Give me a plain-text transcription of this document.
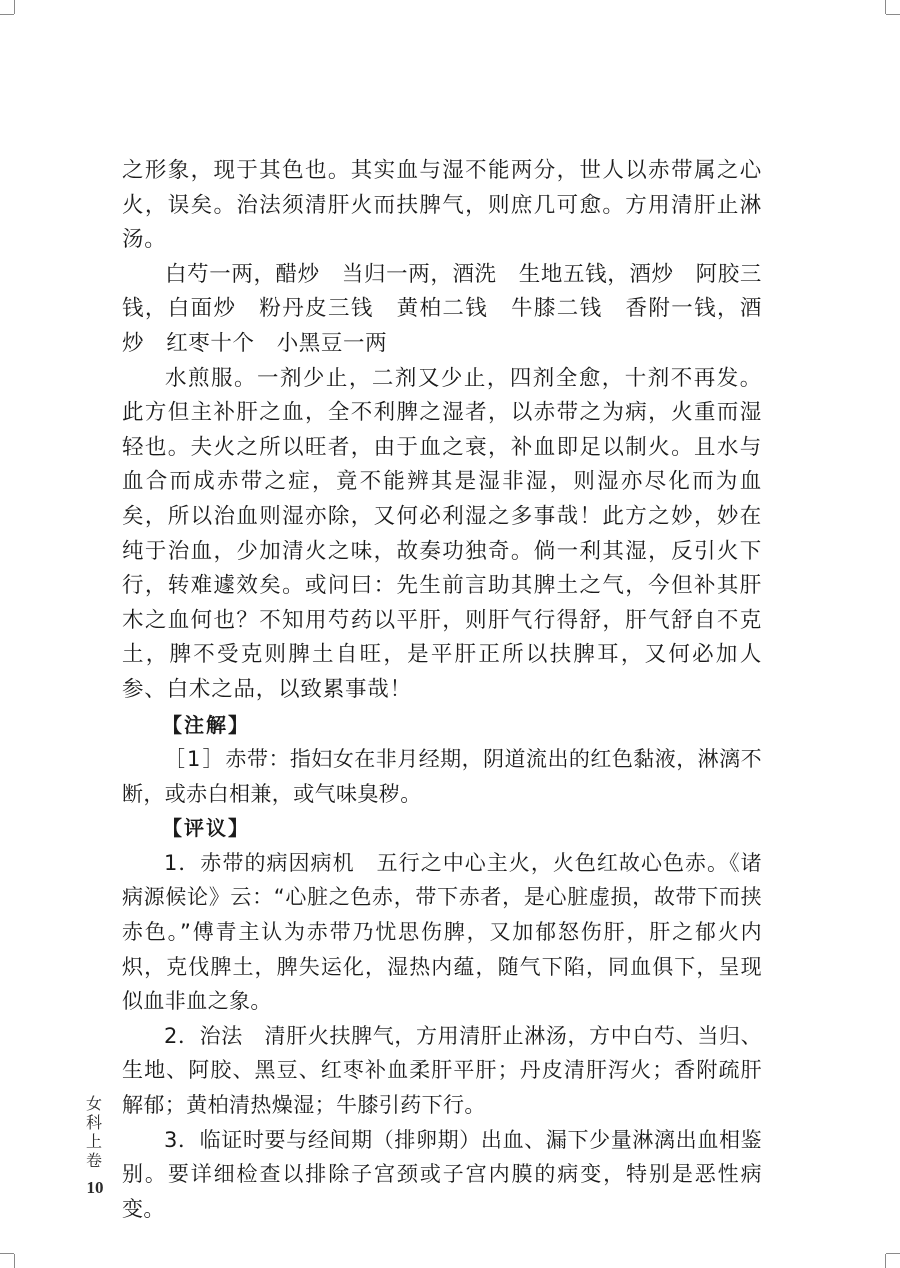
之形象，现于其色也。其实血与湿不能两分，世人以赤带属之心火，误矣。治法须清肝火而扶脾气，则庶几可愈。方用清肝止淋汤。

白芍一两，醋炒　当归一两，酒洗　生地五钱，酒炒　阿胶三钱，白面炒　粉丹皮三钱　黄柏二钱　牛膝二钱　香附一钱，酒炒　红枣十个　小黑豆一两

水煎服。一剂少止，二剂又少止，四剂全愈，十剂不再发。此方但主补肝之血，全不利脾之湿者，以赤带之为病，火重而湿轻也。夫火之所以旺者，由于血之衰，补血即足以制火。且水与血合而成赤带之症，竟不能辨其是湿非湿，则湿亦尽化而为血矣，所以治血则湿亦除，又何必利湿之多事哉！此方之妙，妙在纯于治血，少加清火之味，故奏功独奇。倘一利其湿，反引火下行，转难遽效矣。或问曰：先生前言助其脾土之气，今但补其肝木之血何也？不知用芍药以平肝，则肝气行得舒，肝气舒自不克土，脾不受克则脾土自旺，是平肝正所以扶脾耳，又何必加人参、白术之品，以致累事哉！

【注解】

［1］赤带：指妇女在非月经期，阴道流出的红色黏液，淋漓不断，或赤白相兼，或气味臭秽。

【评议】

1．赤带的病因病机　五行之中心主火，火色红故心色赤。《诸病源候论》云：“心脏之色赤，带下赤者，是心脏虚损，故带下而挟赤色。”傅青主认为赤带乃忧思伤脾，又加郁怒伤肝，肝之郁火内炽，克伐脾土，脾失运化，湿热内蕴，随气下陷，同血俱下，呈现似血非血之象。

2．治法　清肝火扶脾气，方用清肝止淋汤，方中白芍、当归、生地、阿胶、黑豆、红枣补血柔肝平肝；丹皮清肝泻火；香附疏肝解郁；黄柏清热燥湿；牛膝引药下行。

3．临证时要与经间期（排卵期）出血、漏下少量淋漓出血相鉴别。要详细检查以排除子宫颈或子宫内膜的病变，特别是恶性病变。

女
科
上
卷
10
